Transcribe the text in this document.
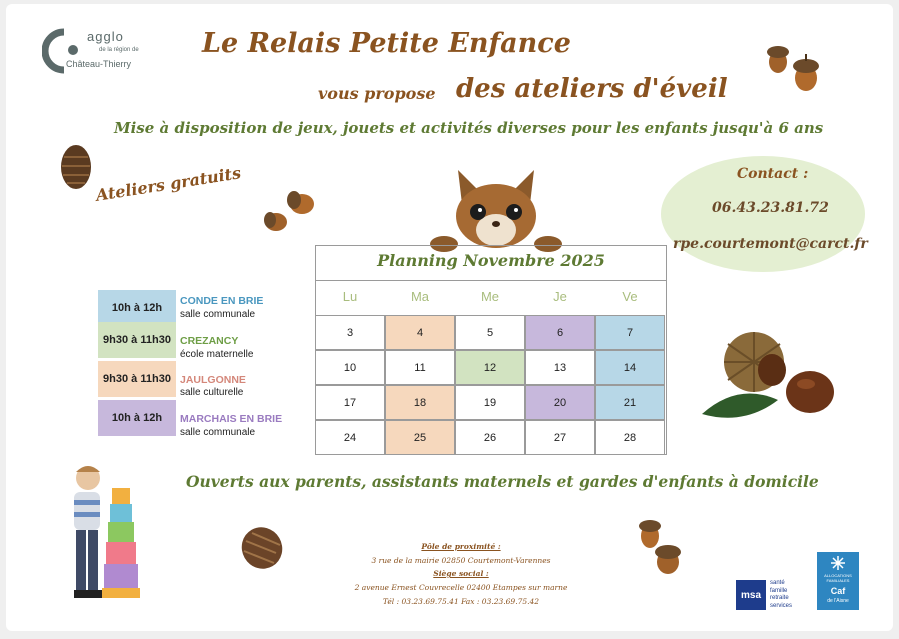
agglo
de la région de
Château-Thierry
Le Relais Petite Enfance
vous propose des ateliers d'éveil
Mise à disposition de jeux, jouets et activités diverses pour les enfants jusqu'à 6 ans
Ateliers gratuits	Contact :
06.43.23.81.72
rpe.courtemont@carct.fr
10h à 12h
CONDE EN BRIE
salle communale
9h30 à 11h30 CREZANCY
école maternelle
9h30 à 11h30 JAULGONNE
salle culturelle
10h à 12h	MARCHAIS EN BRIE
salle communale
Planning Novembre 2025
Lu	Ma	Me	Je	Ve
3	4	5	6	7
10	11	12	13	14
17	18	19	20	21
24	25	26	27	28
Ouverts aux parents, assistants maternels et gardes d'enfants à domicile
Pôle de proximité :
3 rue de la mairie 02850 Courtemont-Varennes
Siège social :
2 avenue Ernest Couvrecelle 02400 Etampes sur marne
Tél : 03.23.69.75.41 Fax : 03.23.69.75.42
msa
santé
famille
retraite
services
ALLOCATIONS
FAMILIALES
Caf
de l'Aisne
